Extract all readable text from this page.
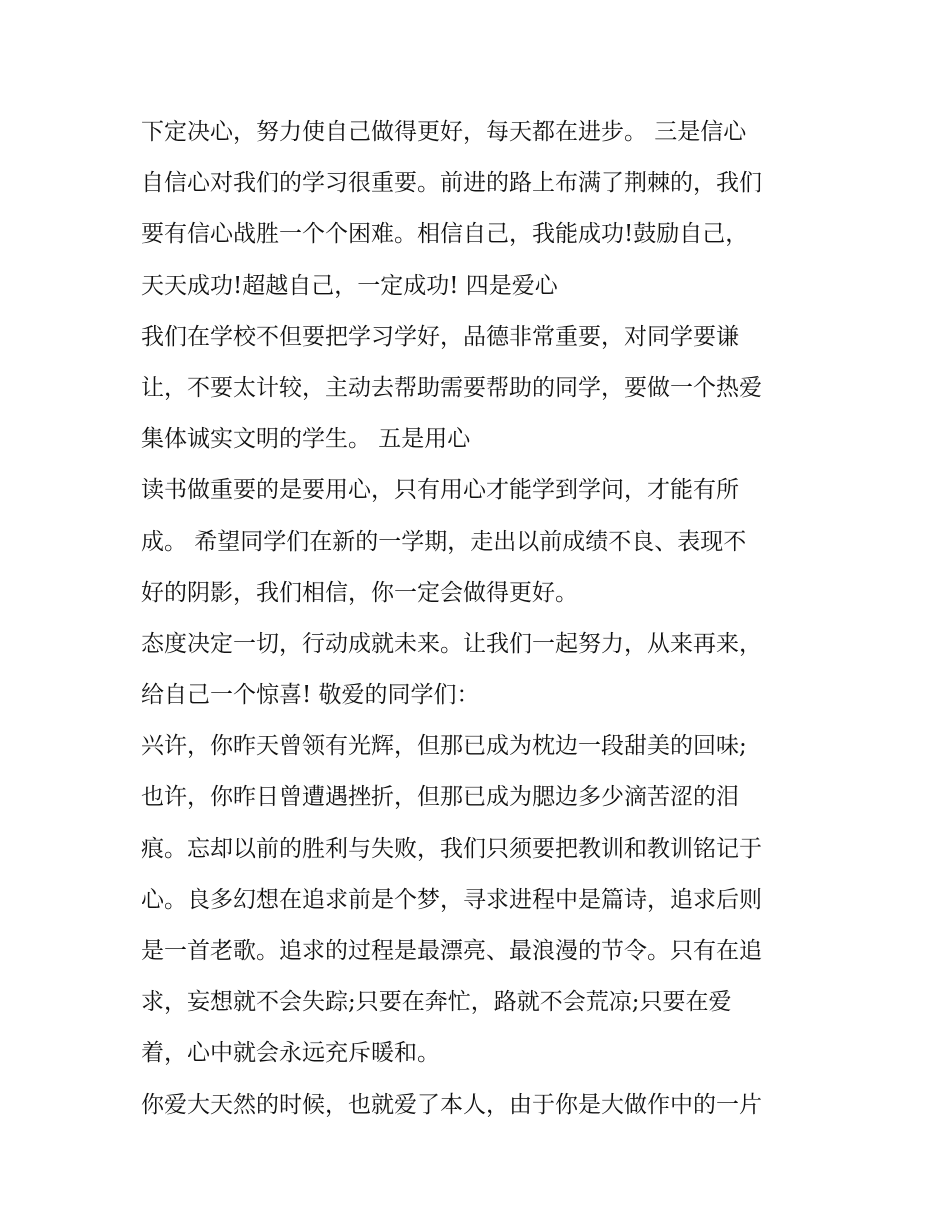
下定决心，努力使自己做得更好，每天都在进步。 三是信心
自信心对我们的学习很重要。前进的路上布满了荆棘的，我们
要有信心战胜一个个困难。相信自己，我能成功!鼓励自己，
天天成功!超越自己，一定成功! 四是爱心
我们在学校不但要把学习学好，品德非常重要，对同学要谦
让，不要太计较，主动去帮助需要帮助的同学，要做一个热爱
集体诚实文明的学生。 五是用心
读书做重要的是要用心，只有用心才能学到学问，才能有所
成。 希望同学们在新的一学期，走出以前成绩不良、表现不
好的阴影，我们相信，你一定会做得更好。
态度决定一切，行动成就未来。让我们一起努力，从来再来，
给自己一个惊喜! 敬爱的同学们：
兴许，你昨天曾领有光辉，但那已成为枕边一段甜美的回味;
也许，你昨日曾遭遇挫折，但那已成为腮边多少滴苦涩的泪
痕。忘却以前的胜利与失败，我们只须要把教训和教训铭记于
心。良多幻想在追求前是个梦，寻求进程中是篇诗，追求后则
是一首老歌。追求的过程是最漂亮、最浪漫的节令。只有在追
求，妄想就不会失踪;只要在奔忙，路就不会荒凉;只要在爱
着，心中就会永远充斥暖和。
你爱大天然的时候，也就爱了本人，由于你是大做作中的一片
